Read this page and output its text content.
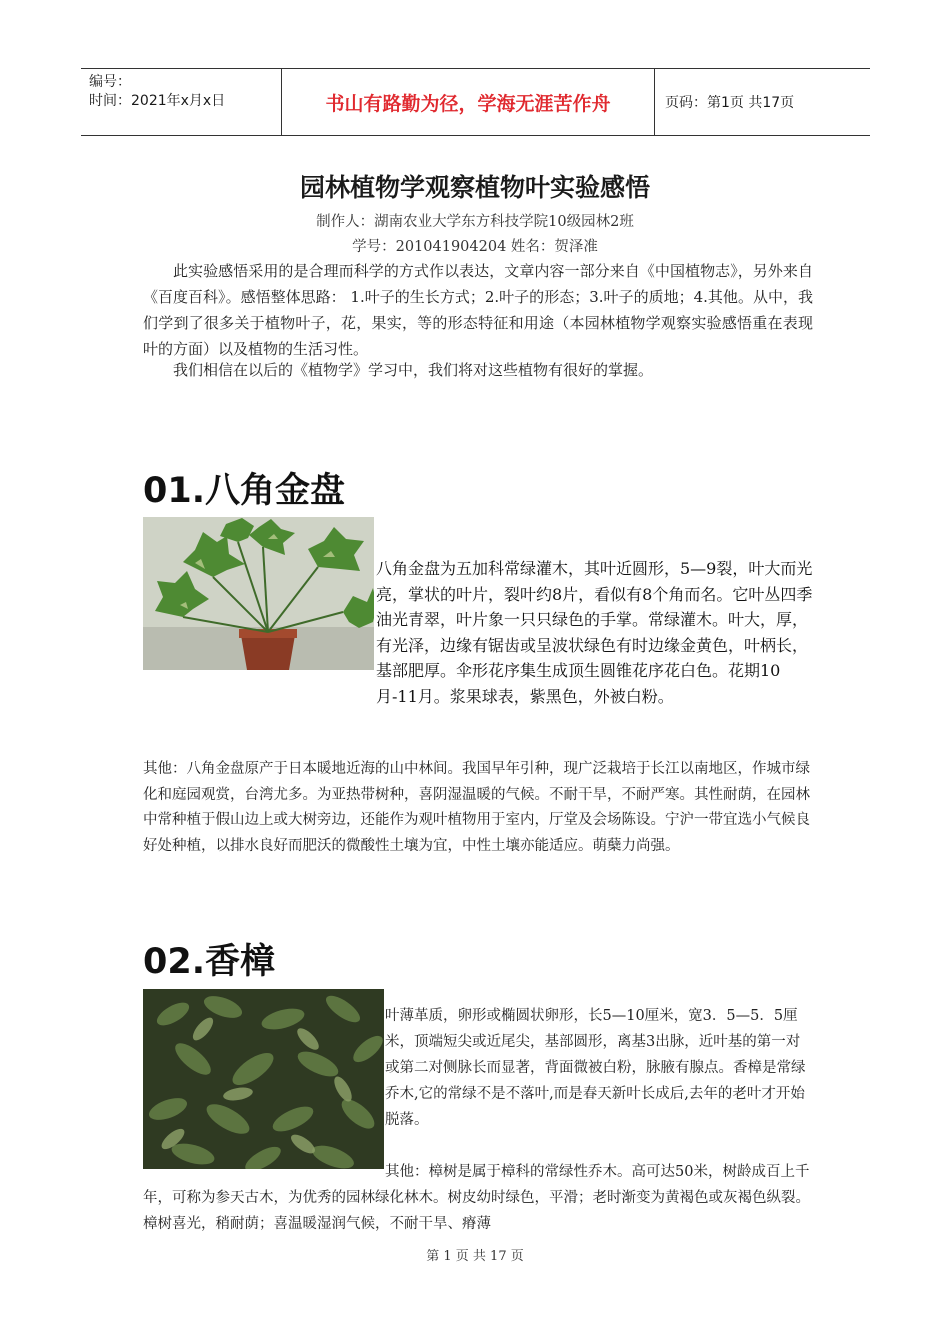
编号：
时间：2021年x月x日	书山有路勤为径，学海无涯苦作舟	页码：第1页 共17页
园林植物学观察植物叶实验感悟
制作人：湖南农业大学东方科技学院10级园林2班
学号：201041904204 姓名：贺泽准

此实验感悟采用的是合理而科学的方式作以表达，文章内容一部分来自《中国植物志》，另外来自《百度百科》。感悟整体思路： 1.叶子的生长方式；2.叶子的形态；3.叶子的质地；4.其他。从中，我们学到了很多关于植物叶子，花，果实，等的形态特征和用途（本园林植物学观察实验感悟重在表现叶的方面）以及植物的生活习性。

我们相信在以后的《植物学》学习中，我们将对这些植物有很好的掌握。

01.八角金盘
八角金盘为五加科常绿灌木，其叶近圆形，5—9裂，叶大而光亮，掌状的叶片，裂叶约8片，看似有8个角而名。它叶丛四季油光青翠，叶片象一只只绿色的手掌。常绿灌木。叶大，厚，有光泽，边缘有锯齿或呈波状绿色有时边缘金黄色，叶柄长，基部肥厚。伞形花序集生成顶生圆锥花序花白色。花期10月-11月。浆果球表，紫黑色，外被白粉。

其他：八角金盘原产于日本暖地近海的山中林间。我国早年引种，现广泛栽培于长江以南地区，作城市绿化和庭园观赏，台湾尤多。为亚热带树种，喜阴湿温暖的气候。不耐干旱，不耐严寒。其性耐荫，在园林中常种植于假山边上或大树旁边，还能作为观叶植物用于室内，厅堂及会场陈设。宁沪一带宜选小气候良好处种植，以排水良好而肥沃的微酸性土壤为宜，中性土壤亦能适应。萌蘖力尚强。

02.香樟
叶薄革质，卵形或椭圆状卵形，长5—10厘米，宽3．5—5．5厘米，顶端短尖或近尾尖，基部圆形，离基3出脉，近叶基的第一对或第二对侧脉长而显著，背面微被白粉，脉腋有腺点。香樟是常绿乔木,它的常绿不是不落叶,而是春天新叶长成后,去年的老叶才开始脱落。
其他：樟树是属于樟科的常绿性乔木。高可达50米，树龄成百上千年，可称为参天古木，为优秀的园林绿化林木。树皮幼时绿色，平滑；老时渐变为黄褐色或灰褐色纵裂。樟树喜光，稍耐荫；喜温暖湿润气候，不耐干旱、瘠薄
第 1 页 共 17 页
